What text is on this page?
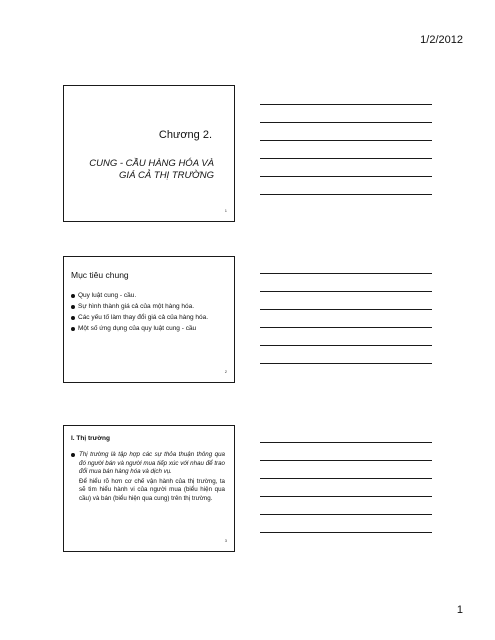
1/2/2012
Chương 2.
CUNG - CẦU HÀNG HÓA VÀ
GIÁ CẢ THỊ TRƯỜNG
1
Mục tiêu chung
Quy luật cung - cầu.
Sự hình thành giá cả của một hàng hóa.
Các yếu tố làm thay đổi giá cả của hàng hóa.
Một số ứng dụng của quy luật cung - cầu
2
I. Thị trường
Thị trường là tập hợp các sự thỏa thuận thông qua đó người bán và người mua tiếp xúc với nhau để trao đổi mua bán hàng hóa và dịch vụ.
Để hiểu rõ hơn cơ chế vận hành của thị trường, ta sẽ tìm hiểu hành vi của người mua (biểu hiện qua cầu) và bán (biểu hiện qua cung) trên thị trường.
3
1
